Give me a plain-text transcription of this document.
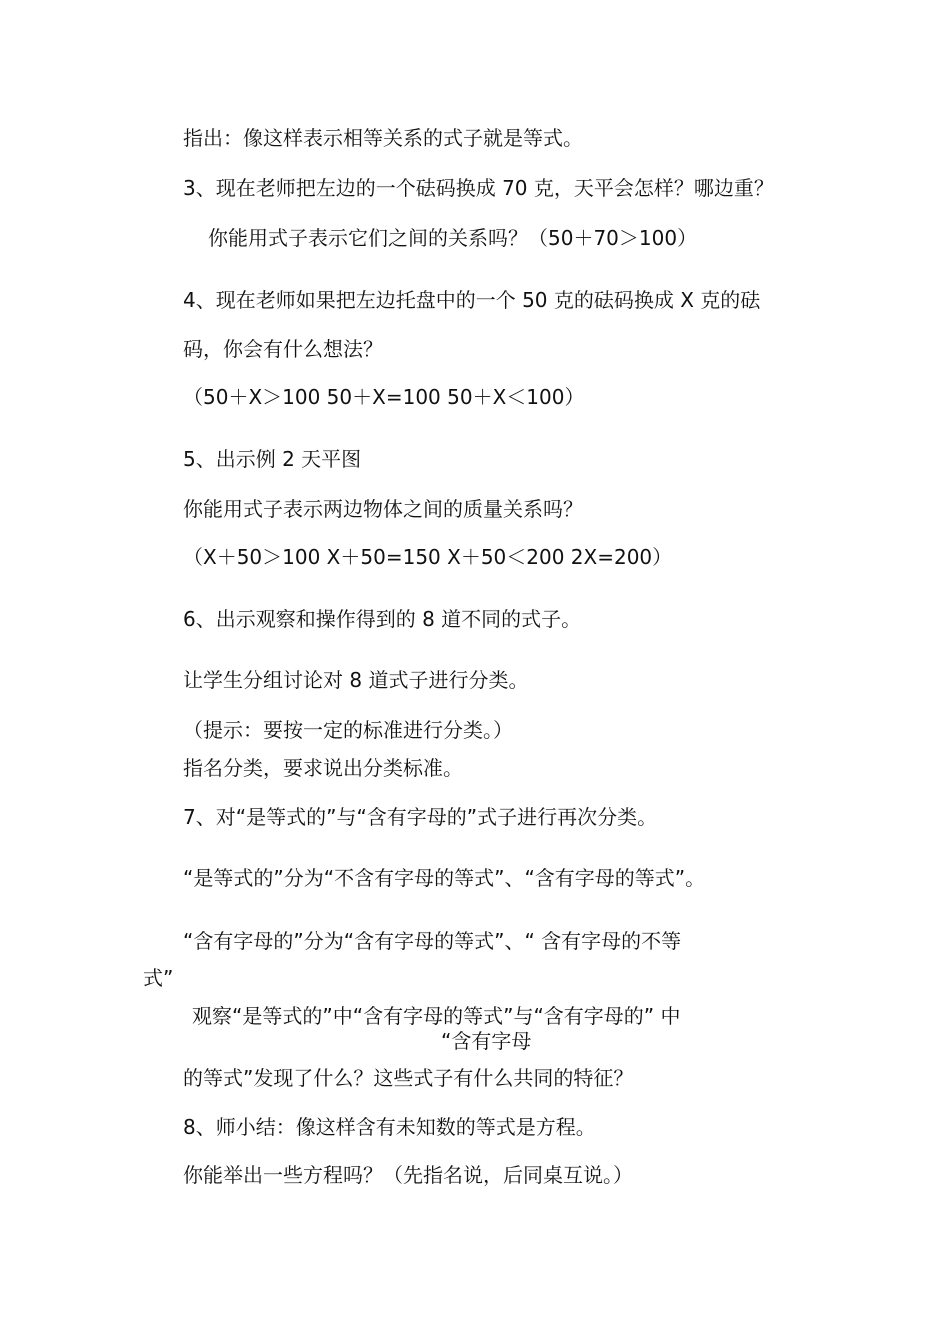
指出：像这样表示相等关系的式子就是等式。
3、现在老师把左边的一个砝码换成 70 克，天平会怎样？哪边重？
你能用式子表示它们之间的关系吗？（50＋70＞100）
4、现在老师如果把左边托盘中的一个 50 克的砝码换成 X 克的砝
码，你会有什么想法？
（50＋X＞100 50＋X=100 50＋X＜100）
5、出示例 2 天平图
你能用式子表示两边物体之间的质量关系吗？
（X＋50＞100 X＋50=150 X＋50＜200 2X=200）
6、出示观察和操作得到的 8 道不同的式子。
让学生分组讨论对 8 道式子进行分类。
（提示：要按一定的标准进行分类。）
指名分类，要求说出分类标准。
7、对“是等式的”与“含有字母的”式子进行再次分类。
“是等式的”分为“不含有字母的等式”、“含有字母的等式”。
“含有字母的”分为“含有字母的等式”、“ 含有字母的不等
式”
观察“是等式的”中“含有字母的等式”与“含有字母的” 中
“含有字母
的等式”发现了什么？这些式子有什么共同的特征？
8、师小结：像这样含有未知数的等式是方程。
你能举出一些方程吗？（先指名说，后同桌互说。）
